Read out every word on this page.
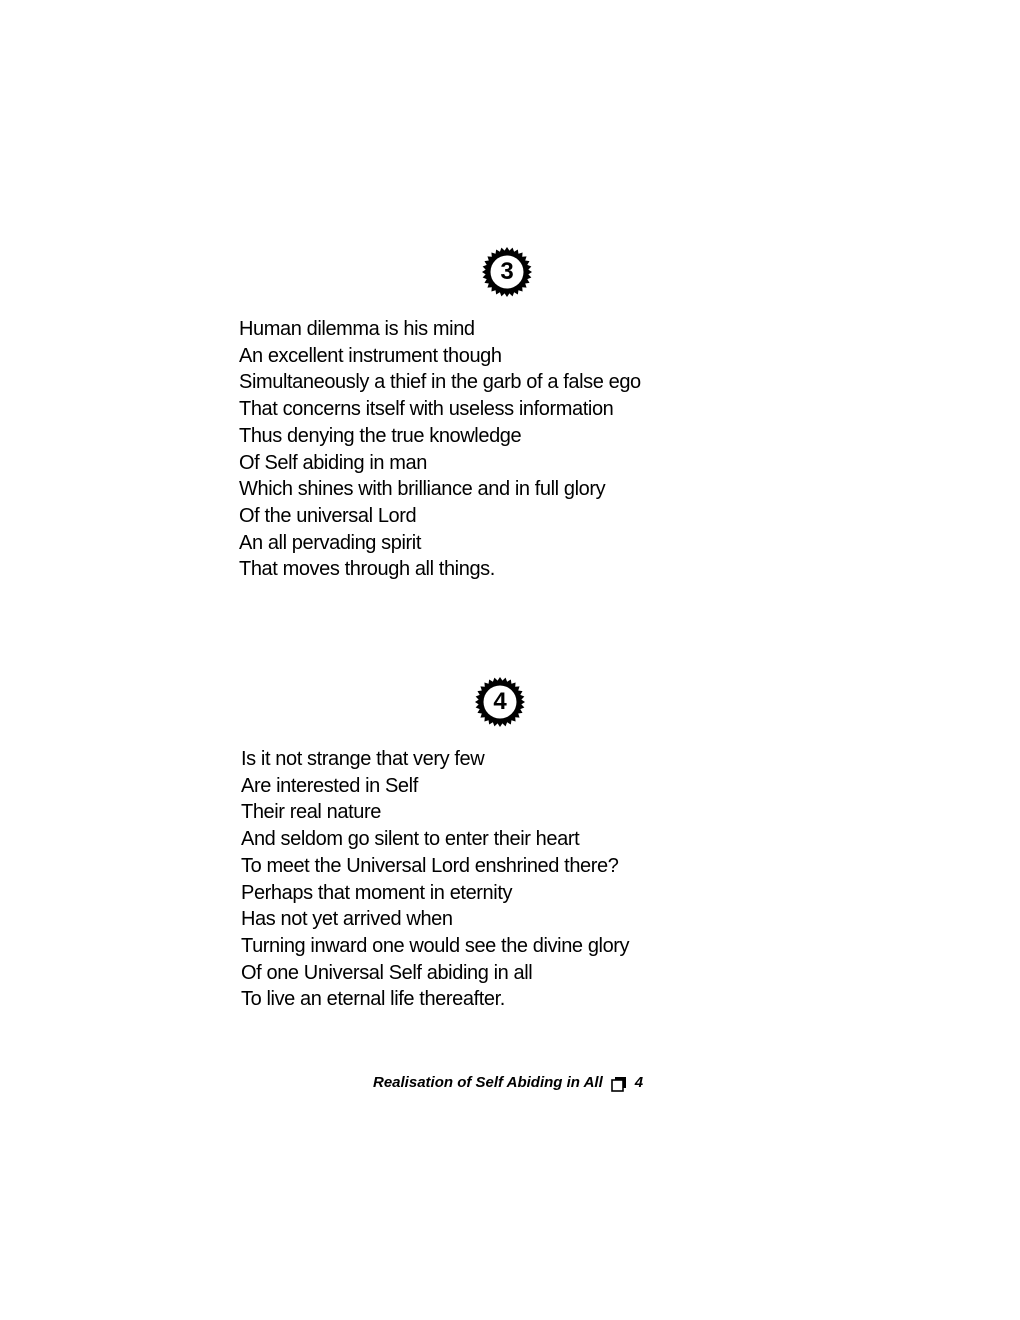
3
Human dilemma is his mind
An excellent instrument though
Simultaneously a thief in the garb of a false ego
That concerns itself with useless information
Thus denying the true knowledge
Of Self abiding in man
Which shines with brilliance and in full glory
Of the universal Lord
An all pervading spirit
That moves through all things.
4
Is it not strange that very few
Are interested in Self
Their real nature
And seldom go silent to enter their heart
To meet the Universal Lord enshrined there?
Perhaps that moment in eternity
Has not yet arrived when
Turning inward one would see the divine glory
Of one Universal Self abiding in all
To live an eternal life thereafter.
Realisation of Self Abiding in All 4
